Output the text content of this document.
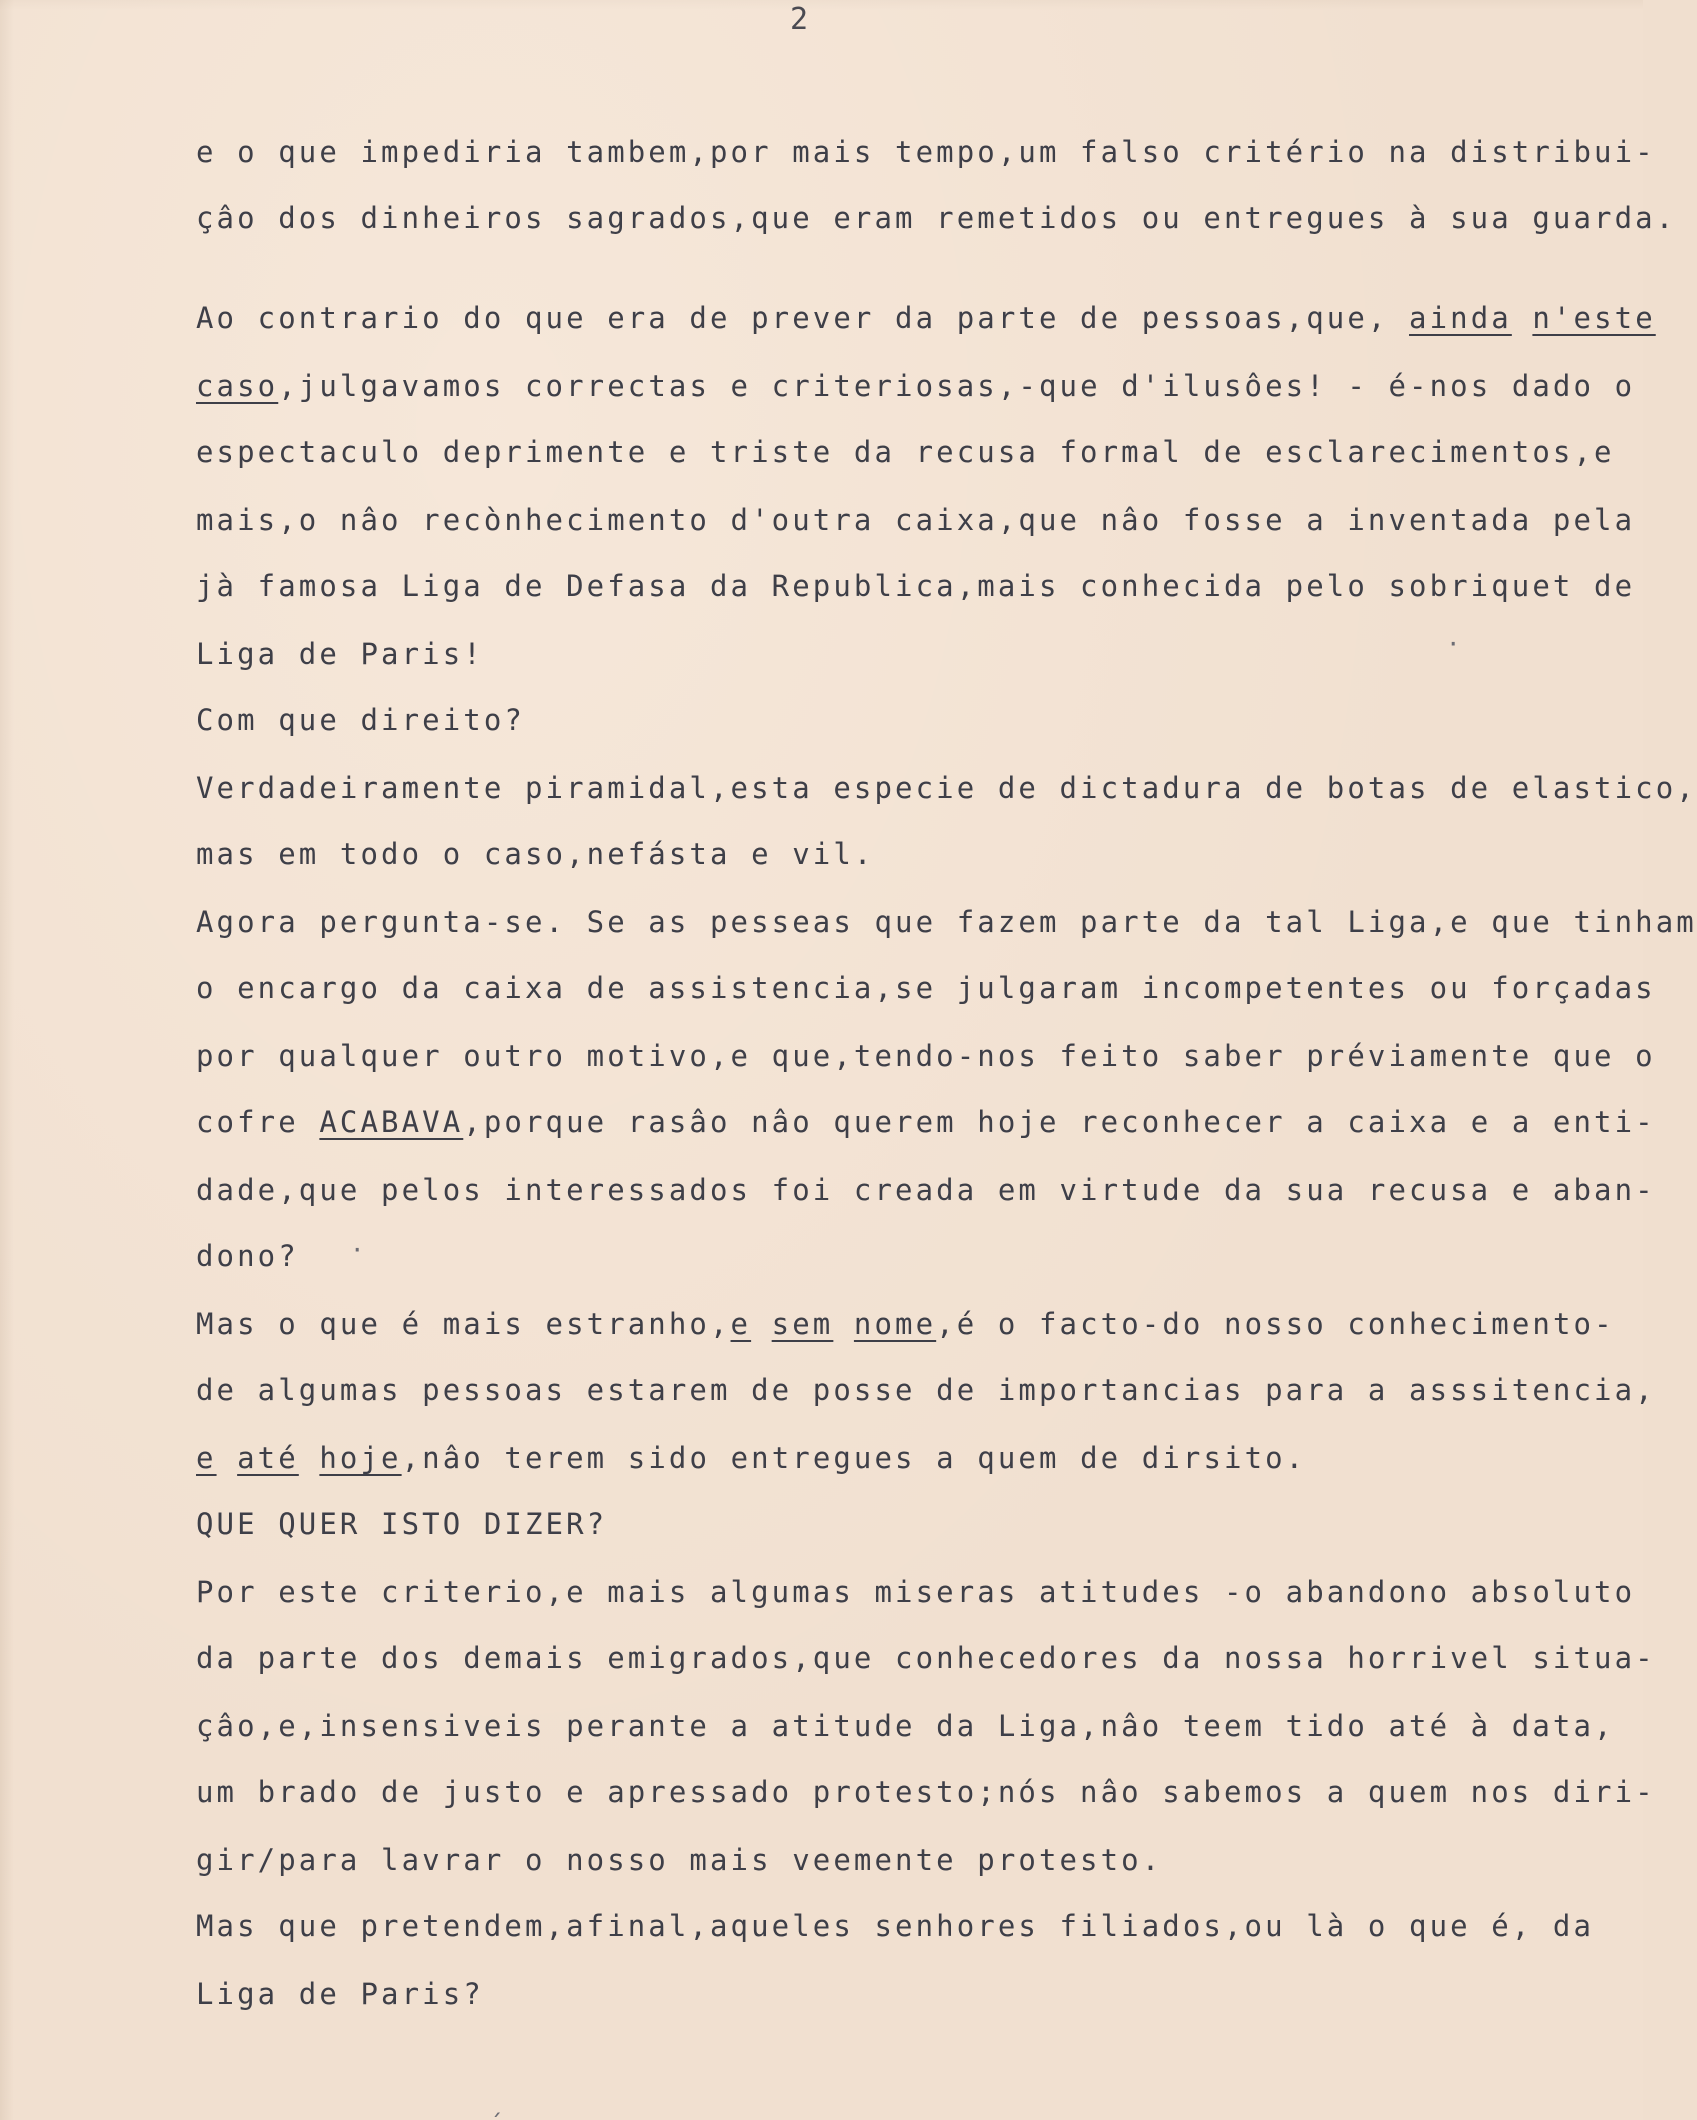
2
e o que impediria tambem,por mais tempo,um falso critério na distribui-
çâo dos dinheiros sagrados,que eram remetidos ou entregues à sua guarda.
Ao contrario do que era de prever da parte de pessoas,que, ainda n'este
caso,julgavamos correctas e criteriosas,-que d'ilusôes! - é-nos dado o
espectaculo deprimente e triste da recusa formal de esclarecimentos,e
mais,o nâo recònhecimento d'outra caixa,que nâo fosse a inventada pela
jà famosa Liga de Defasa da Republica,mais conhecida pelo sobriquet de
Liga de Paris!
Com que direito?
Verdadeiramente piramidal,esta especie de dictadura de botas de elastico,
mas em todo o caso,nefásta e vil.
Agora pergunta-se. Se as pesseas que fazem parte da tal Liga,e que tinham
o encargo da caixa de assistencia,se julgaram incompetentes ou forçadas
por qualquer outro motivo,e que,tendo-nos feito saber préviamente que o
cofre ACABAVA,porque rasâo nâo querem hoje reconhecer a caixa e a enti-
dade,que pelos interessados foi creada em virtude da sua recusa e aban-
dono?
Mas o que é mais estranho,e sem nome,é o facto-do nosso conhecimento-
de algumas pessoas estarem de posse de importancias para a asssitencia,
e até hoje,nâo terem sido entregues a quem de dirsito.
QUE QUER ISTO DIZER?
Por este criterio,e mais algumas miseras atitudes -o abandono absoluto
da parte dos demais emigrados,que conhecedores da nossa horrivel situa-
çâo,e,insensiveis perante a atitude da Liga,nâo teem tido até à data,
um brado de justo e apressado protesto;nós nâo sabemos a quem nos diri-
gir/para lavrar o nosso mais veemente protesto.
Mas que pretendem,afinal,aqueles senhores filiados,ou là o que é, da
Liga de Paris?
·
·
ˏ
